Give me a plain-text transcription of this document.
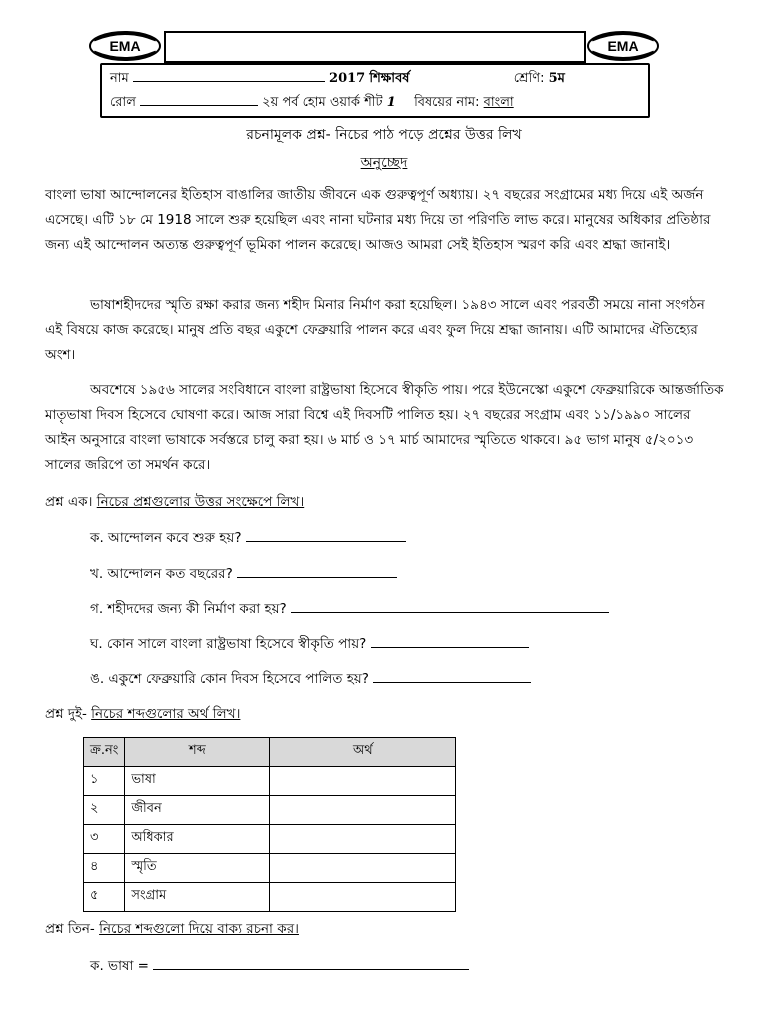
EMA	EMA
নাম	2017 শিক্ষাবর্ষ	শ্রেণি: 5ম
রোল	২য় পর্ব হোম ওয়ার্ক শীট 1 বিষয়ের নাম: বাংলা
রচনামূলক প্রশ্ন- নিচের পাঠ পড়ে প্রশ্নের উত্তর লিখ
অনুচ্ছেদ
বাংলা ভাষা আন্দোলনের ইতিহাস বাঙালির জাতীয় জীবনে এক গুরুত্বপূর্ণ অধ্যায়। ২৭ বছরের সংগ্রামের মধ্য দিয়ে এই অর্জন এসেছে। এটি ১৮ মে 1918 সালে শুরু হয়েছিল এবং নানা ঘটনার মধ্য দিয়ে তা পরিণতি লাভ করে। মানুষের অধিকার প্রতিষ্ঠার জন্য এই আন্দোলন অত্যন্ত গুরুত্বপূর্ণ ভূমিকা পালন করেছে। আজও আমরা সেই ইতিহাস স্মরণ করি এবং শ্রদ্ধা জানাই।
ভাষাশহীদদের স্মৃতি রক্ষা করার জন্য শহীদ মিনার নির্মাণ করা হয়েছিল। ১৯৪৩ সালে এবং পরবর্তী সময়ে নানা সংগঠন এই বিষয়ে কাজ করেছে। মানুষ প্রতি বছর একুশে ফেব্রুয়ারি পালন করে এবং ফুল দিয়ে শ্রদ্ধা জানায়। এটি আমাদের ঐতিহ্যের অংশ।
অবশেষে ১৯৫৬ সালের সংবিধানে বাংলা রাষ্ট্রভাষা হিসেবে স্বীকৃতি পায়। পরে ইউনেস্কো একুশে ফেব্রুয়ারিকে আন্তর্জাতিক মাতৃভাষা দিবস হিসেবে ঘোষণা করে। আজ সারা বিশ্বে এই দিবসটি পালিত হয়। ২৭ বছরের সংগ্রাম এবং ১১/১৯৯০ সালের আইন অনুসারে বাংলা ভাষাকে সর্বস্তরে চালু করা হয়। ৬ মার্চ ও ১৭ মার্চ আমাদের স্মৃতিতে থাকবে। ৯৫ ভাগ মানুষ ৫/২০১৩ সালের জরিপে তা সমর্থন করে।
প্রশ্ন এক। নিচের প্রশ্নগুলোর উত্তর সংক্ষেপে লিখ।
ক. আন্দোলন কবে শুরু হয়?
খ. আন্দোলন কত বছরের?
গ. শহীদদের জন্য কী নির্মাণ করা হয়?
ঘ. কোন সালে বাংলা রাষ্ট্রভাষা হিসেবে স্বীকৃতি পায়?
ঙ. একুশে ফেব্রুয়ারি কোন দিবস হিসেবে পালিত হয়?
প্রশ্ন দুই- নিচের শব্দগুলোর অর্থ লিখ।
ক্র.নং	শব্দ	অর্থ
১	ভাষা	
২	জীবন	
৩	অধিকার	
৪	স্মৃতি	
৫	সংগ্রাম	
প্রশ্ন তিন- নিচের শব্দগুলো দিয়ে বাক্য রচনা কর।
ক. ভাষা =
